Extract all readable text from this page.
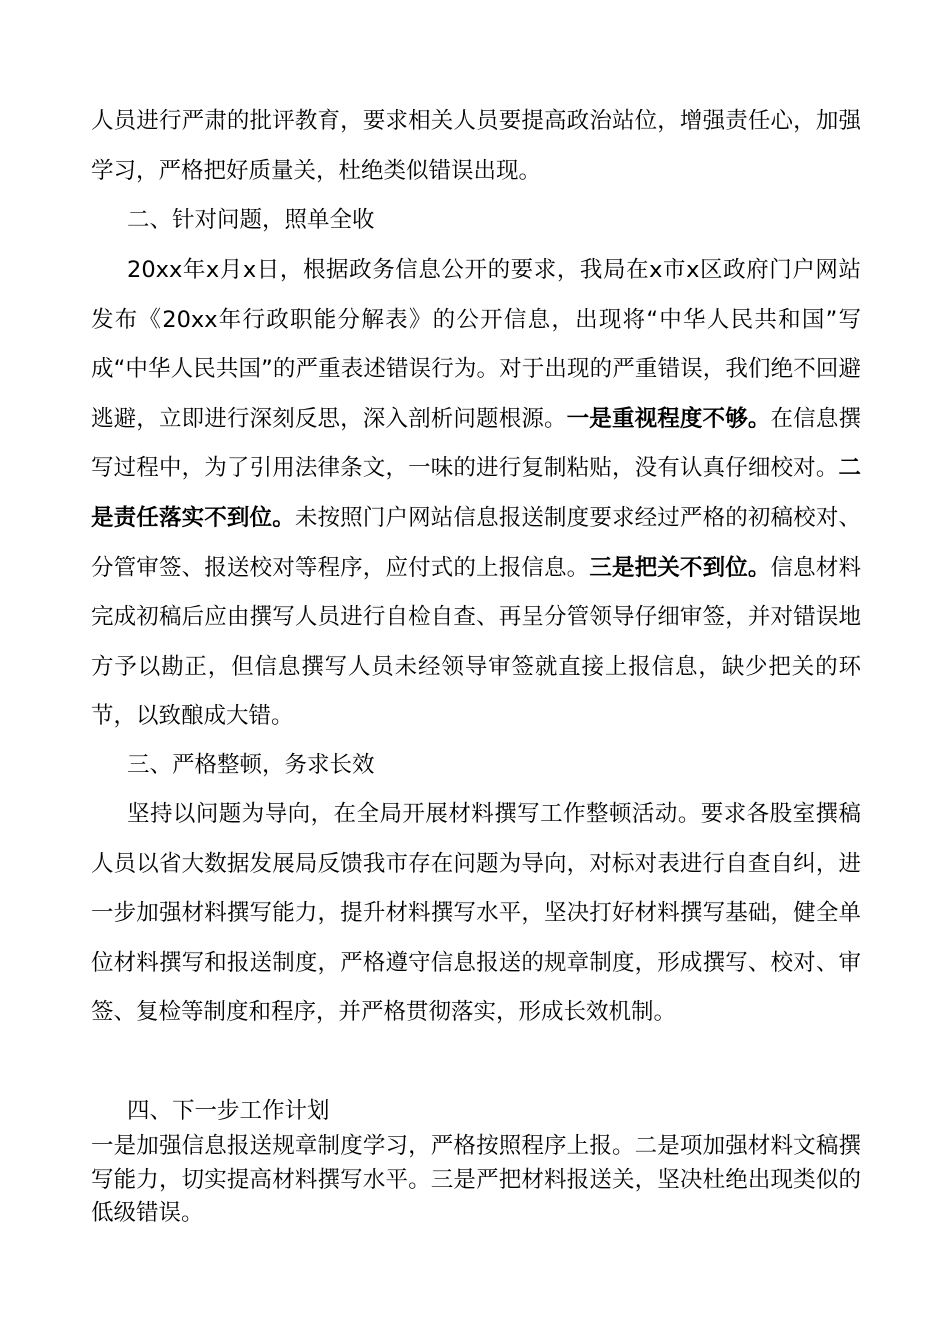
人员进行严肃的批评教育，要求相关人员要提高政治站位，增强责任心，加强学习，严格把好质量关，杜绝类似错误出现。
二、针对问题，照单全收
20xx年x月x日，根据政务信息公开的要求，我局在x市x区政府门户网站发布《20xx年行政职能分解表》的公开信息，出现将“中华人民共和国”写成“中华人民共国”的严重表述错误行为。对于出现的严重错误，我们绝不回避逃避，立即进行深刻反思，深入剖析问题根源。一是重视程度不够。在信息撰写过程中，为了引用法律条文，一味的进行复制粘贴，没有认真仔细校对。二是责任落实不到位。未按照门户网站信息报送制度要求经过严格的初稿校对、分管审签、报送校对等程序，应付式的上报信息。三是把关不到位。信息材料完成初稿后应由撰写人员进行自检自查、再呈分管领导仔细审签，并对错误地方予以勘正，但信息撰写人员未经领导审签就直接上报信息，缺少把关的环节，以致酿成大错。
三、严格整顿，务求长效
坚持以问题为导向，在全局开展材料撰写工作整顿活动。要求各股室撰稿人员以省大数据发展局反馈我市存在问题为导向，对标对表进行自查自纠，进一步加强材料撰写能力，提升材料撰写水平，坚决打好材料撰写基础，健全单位材料撰写和报送制度，严格遵守信息报送的规章制度，形成撰写、校对、审签、复检等制度和程序，并严格贯彻落实，形成长效机制。
四、下一步工作计划
一是加强信息报送规章制度学习，严格按照程序上报。二是项加强材料文稿撰写能力，切实提高材料撰写水平。三是严把材料报送关，坚决杜绝出现类似的低级错误。
